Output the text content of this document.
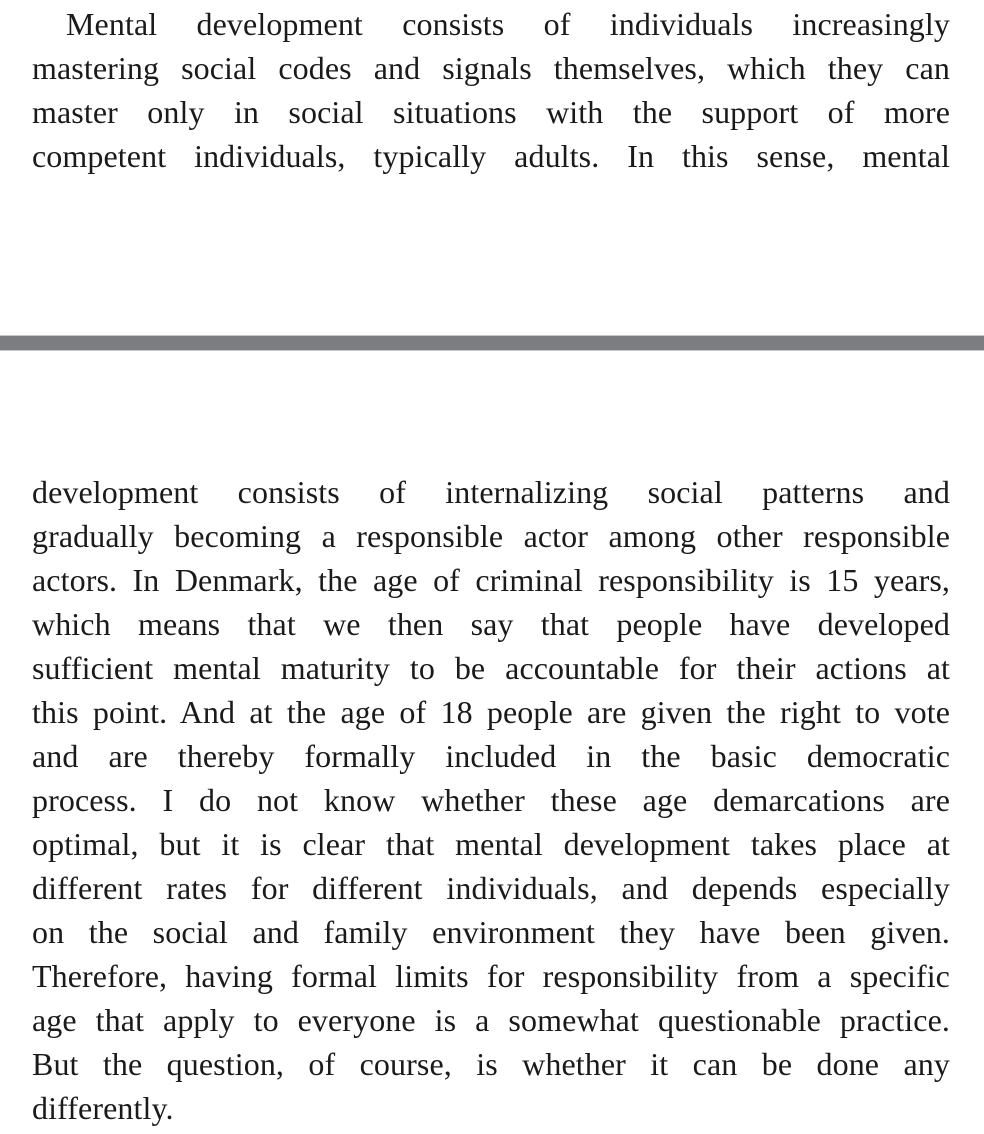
Mental development consists of individuals increasingly
mastering social codes and signals themselves, which they can
master only in social situations with the support of more
competent individuals, typically adults. In this sense, mental
development consists of internalizing social patterns and
gradually becoming a responsible actor among other responsible
actors. In Denmark, the age of criminal responsibility is 15 years,
which means that we then say that people have developed
sufficient mental maturity to be accountable for their actions at
this point. And at the age of 18 people are given the right to vote
and are thereby formally included in the basic democratic
process. I do not know whether these age demarcations are
optimal, but it is clear that mental development takes place at
different rates for different individuals, and depends especially
on the social and family environment they have been given.
Therefore, having formal limits for responsibility from a specific
age that apply to everyone is a somewhat questionable practice.
But the question, of course, is whether it can be done any
differently.
